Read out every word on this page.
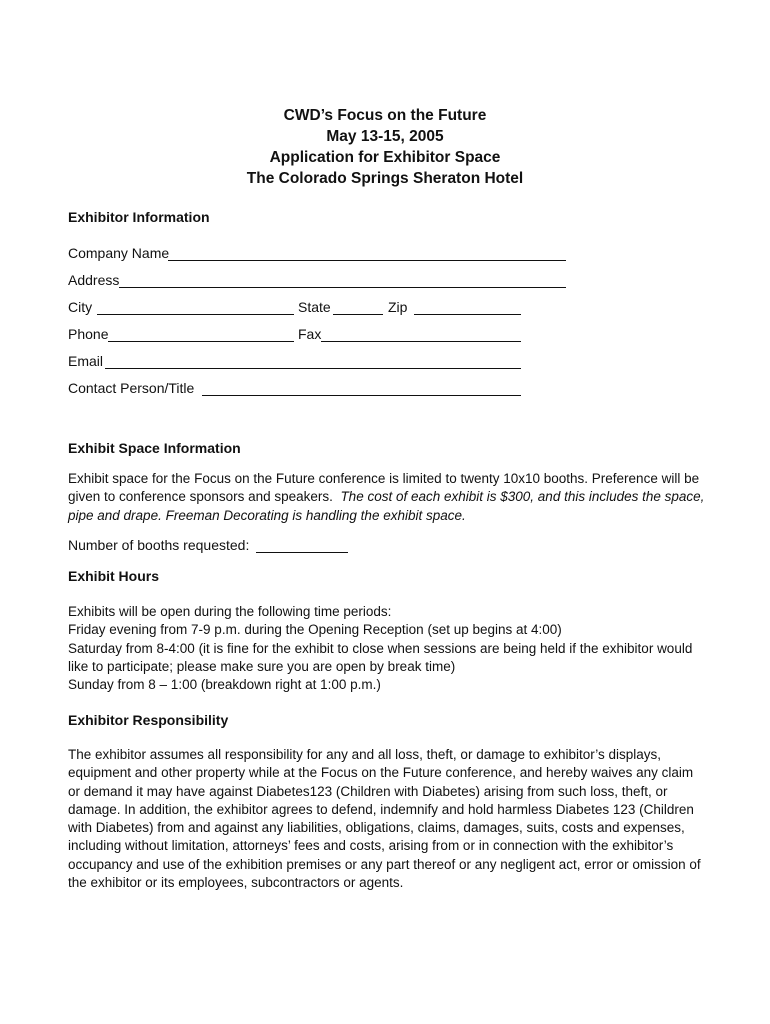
CWD’s Focus on the Future
May 13-15, 2005
Application for Exhibitor Space
The Colorado Springs Sheraton Hotel
Exhibitor Information
Company Name
Address
City	State	Zip
Phone	Fax
Email
Contact Person/Title
Exhibit Space Information
Exhibit space for the Focus on the Future conference is limited to twenty 10x10 booths. Preference will be given to conference sponsors and speakers. The cost of each exhibit is $300, and this includes the space, pipe and drape. Freeman Decorating is handling the exhibit space.
Number of booths requested:
Exhibit Hours

Exhibits will be open during the following time periods:

Friday evening from 7-9 p.m. during the Opening Reception (set up begins at 4:00)

Saturday from 8-4:00 (it is fine for the exhibit to close when sessions are being held if the exhibitor would like to participate; please make sure you are open by break time)

Sunday from 8 – 1:00 (breakdown right at 1:00 p.m.)

Exhibitor Responsibility
The exhibitor assumes all responsibility for any and all loss, theft, or damage to exhibitor’s displays, equipment and other property while at the Focus on the Future conference, and hereby waives any claim or demand it may have against Diabetes123 (Children with Diabetes) arising from such loss, theft, or damage. In addition, the exhibitor agrees to defend, indemnify and hold harmless Diabetes 123 (Children with Diabetes) from and against any liabilities, obligations, claims, damages, suits, costs and expenses, including without limitation, attorneys’ fees and costs, arising from or in connection with the exhibitor’s occupancy and use of the exhibition premises or any part thereof or any negligent act, error or omission of the exhibitor or its employees, subcontractors or agents.
